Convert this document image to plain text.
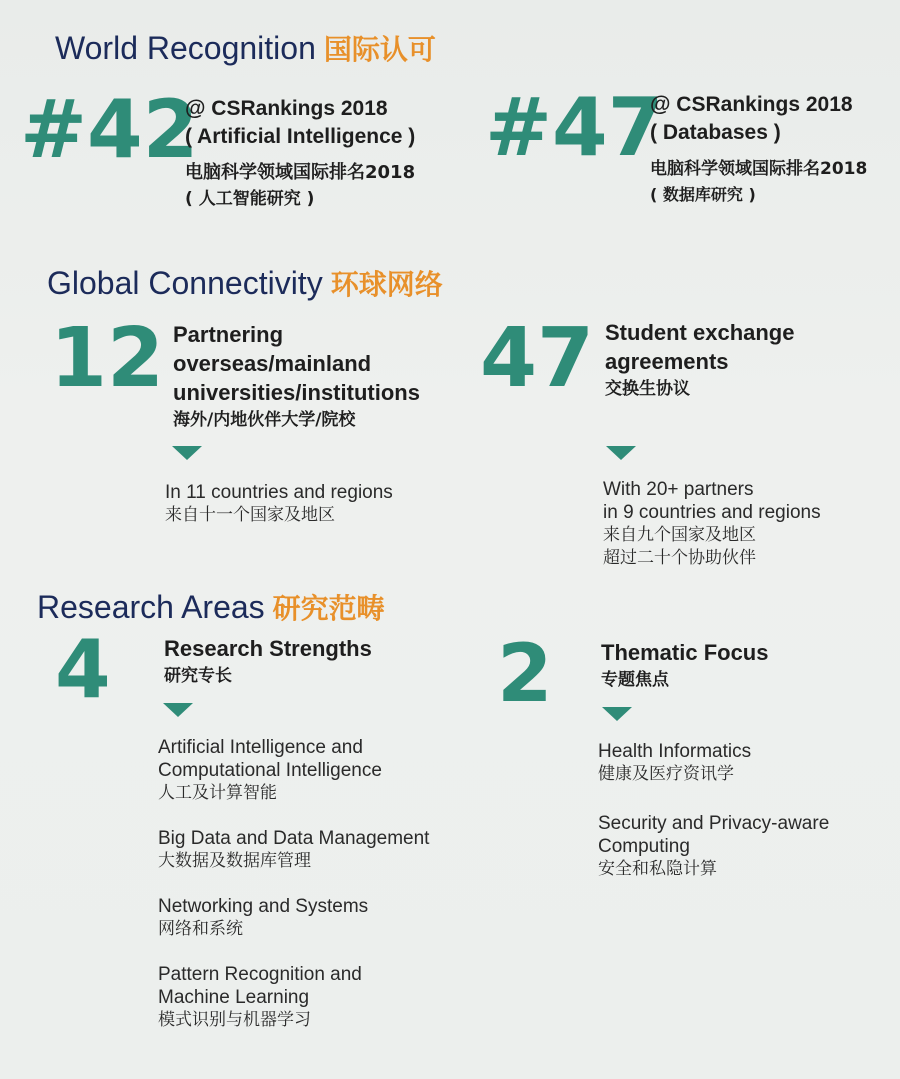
World Recognition 国际认可
#42
@ CSRankings 2018
( Artificial Intelligence )
电脑科学领域国际排名2018
( 人工智能研究 )
#47
@ CSRankings 2018
( Databases )
电脑科学领域国际排名2018
( 数据库研究 )
Global Connectivity 环球网络
12 Partnering
overseas/mainland
universities/institutions
海外/内地伙伴大学/院校
In 11 countries and regions
来自十一个国家及地区
47 Student exchange
agreements
交换生协议
With 20+ partners
in 9 countries and regions
来自九个国家及地区
超过二十个协助伙伴
Research Areas 研究范畴
4 Research Strengths
研究专长
Artificial Intelligence and
Computational Intelligence
人工及计算智能
Big Data and Data Management
大数据及数据库管理
Networking and Systems
网络和系统
Pattern Recognition and
Machine Learning
模式识别与机器学习
2 Thematic Focus
专题焦点
Health Informatics
健康及医疗资讯学
Security and Privacy-aware
Computing
安全和私隐计算
